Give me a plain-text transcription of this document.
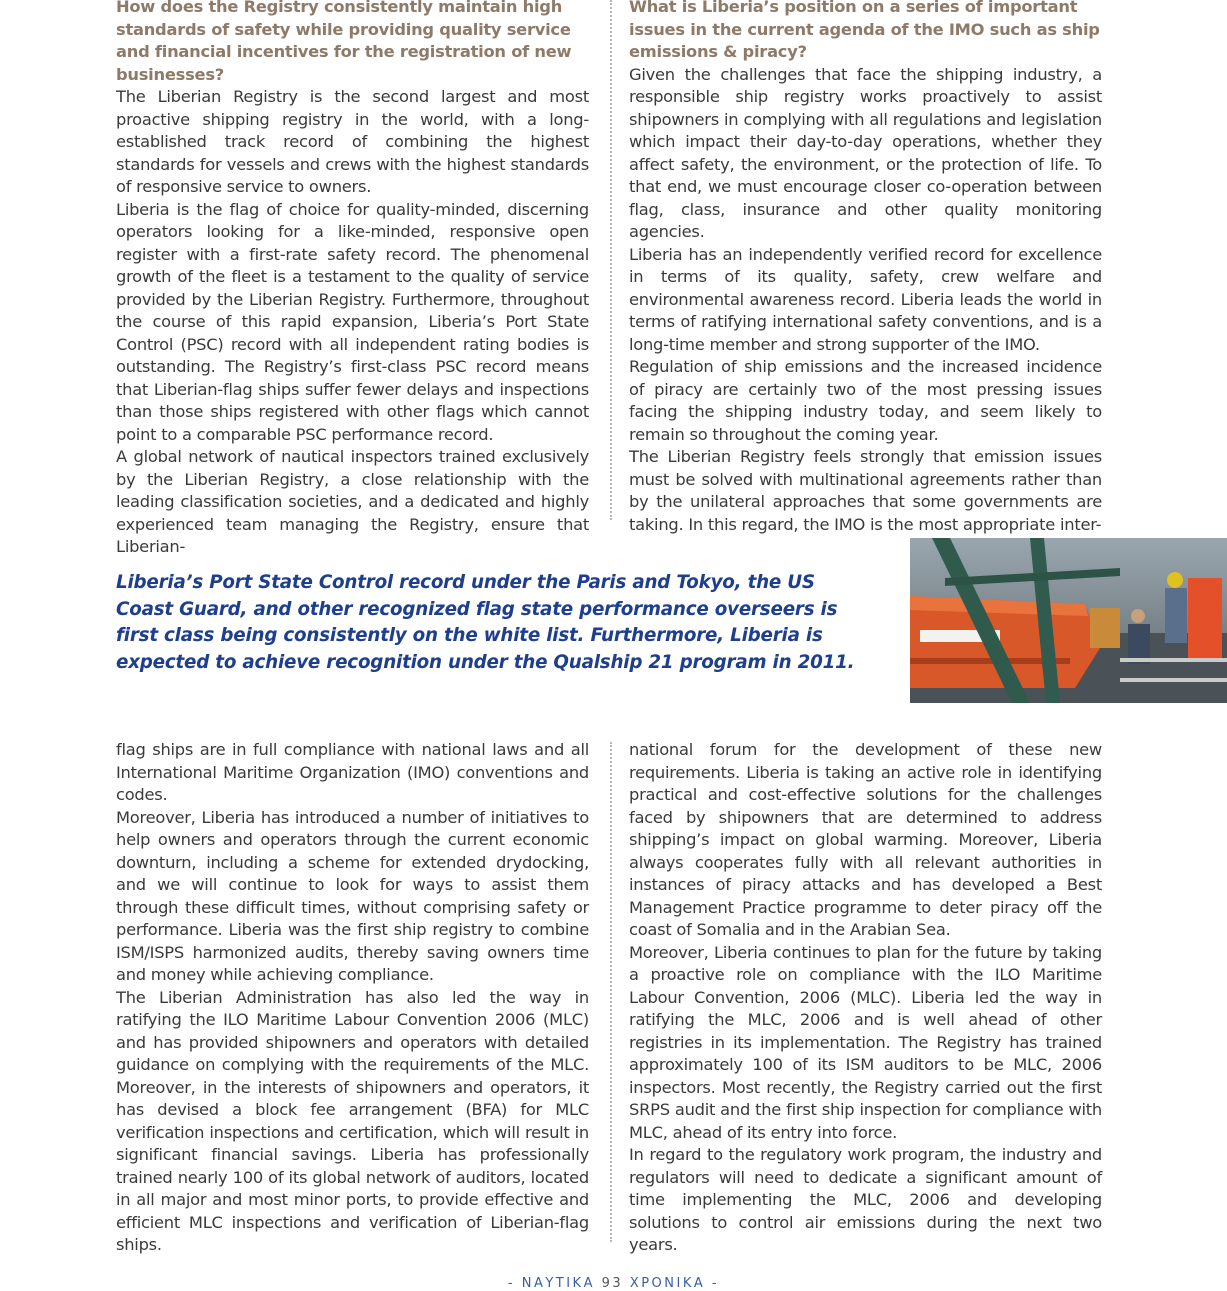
How does the Registry consistently maintain high standards of safety while providing quality service and financial incentives for the registration of new businesses?

The Liberian Registry is the second largest and most proactive shipping registry in the world, with a long-established track record of combining the highest standards for vessels and crews with the highest standards of responsive service to owners.

Liberia is the flag of choice for quality-minded, discerning operators looking for a like-minded, responsive open register with a first-rate safety record. The phenomenal growth of the fleet is a testament to the quality of service provided by the Liberian Registry. Furthermore, throughout the course of this rapid expansion, Liberia’s Port State Control (PSC) record with all independent rating bodies is outstanding. The Registry’s first-class PSC record means that Liberian-flag ships suffer fewer delays and inspections than those ships registered with other flags which cannot point to a comparable PSC performance record.

A global network of nautical inspectors trained exclusively by the Liberian Registry, a close relationship with the leading classification societies, and a dedicated and highly experienced team managing the Registry, ensure that Liberian-

What is Liberia’s position on a series of important issues in the current agenda of the IMO such as ship emissions & piracy?

Given the challenges that face the shipping industry, a responsible ship registry works proactively to assist shipowners in complying with all regulations and legislation which impact their day-to-day operations, whether they affect safety, the environment, or the protection of life. To that end, we must encourage closer co-operation between flag, class, insurance and other quality monitoring agencies.

Liberia has an independently verified record for excellence in terms of its quality, safety, crew welfare and environmental awareness record. Liberia leads the world in terms of ratifying international safety conventions, and is a long-time member and strong supporter of the IMO.

Regulation of ship emissions and the increased incidence of piracy are certainly two of the most pressing issues facing the shipping industry today, and seem likely to remain so throughout the coming year.

The Liberian Registry feels strongly that emission issues must be solved with multinational agreements rather than by the unilateral approaches that some governments are taking. In this regard, the IMO is the most appropriate inter-

Liberia’s Port State Control record under the Paris and Tokyo, the US Coast Guard, and other recognized flag state performance overseers is first class being consistently on the white list. Furthermore, Liberia is expected to achieve recognition under the Qualship 21 program in 2011.

flag ships are in full compliance with national laws and all International Maritime Organization (IMO) conventions and codes.

Moreover, Liberia has introduced a number of initiatives to help owners and operators through the current economic downturn, including a scheme for extended drydocking, and we will continue to look for ways to assist them through these difficult times, without comprising safety or performance. Liberia was the first ship registry to combine ISM/ISPS harmonized audits, thereby saving owners time and money while achieving compliance.

The Liberian Administration has also led the way in ratifying the ILO Maritime Labour Convention 2006 (MLC) and has provided shipowners and operators with detailed guidance on complying with the requirements of the MLC. Moreover, in the interests of shipowners and operators, it has devised a block fee arrangement (BFA) for MLC verification inspections and certification, which will result in significant financial savings. Liberia has professionally trained nearly 100 of its global network of auditors, located in all major and most minor ports, to provide effective and efficient MLC inspections and verification of Liberian-flag ships.

national forum for the development of these new requirements. Liberia is taking an active role in identifying practical and cost-effective solutions for the challenges faced by shipowners that are determined to address shipping’s impact on global warming. Moreover, Liberia always cooperates fully with all relevant authorities in instances of piracy attacks and has developed a Best Management Practice programme to deter piracy off the coast of Somalia and in the Arabian Sea.

Moreover, Liberia continues to plan for the future by taking a proactive role on compliance with the ILO Maritime Labour Convention, 2006 (MLC). Liberia led the way in ratifying the MLC, 2006 and is well ahead of other registries in its implementation. The Registry has trained approximately 100 of its ISM auditors to be MLC, 2006 inspectors. Most recently, the Registry carried out the first SRPS audit and the first ship inspection for compliance with MLC, ahead of its entry into force.

In regard to the regulatory work program, the industry and regulators will need to dedicate a significant amount of time implementing the MLC, 2006 and developing solutions to control air emissions during the next two years.

- ΝΑΥΤΙΚΑ 93 ΧΡΟΝΙΚΑ -
